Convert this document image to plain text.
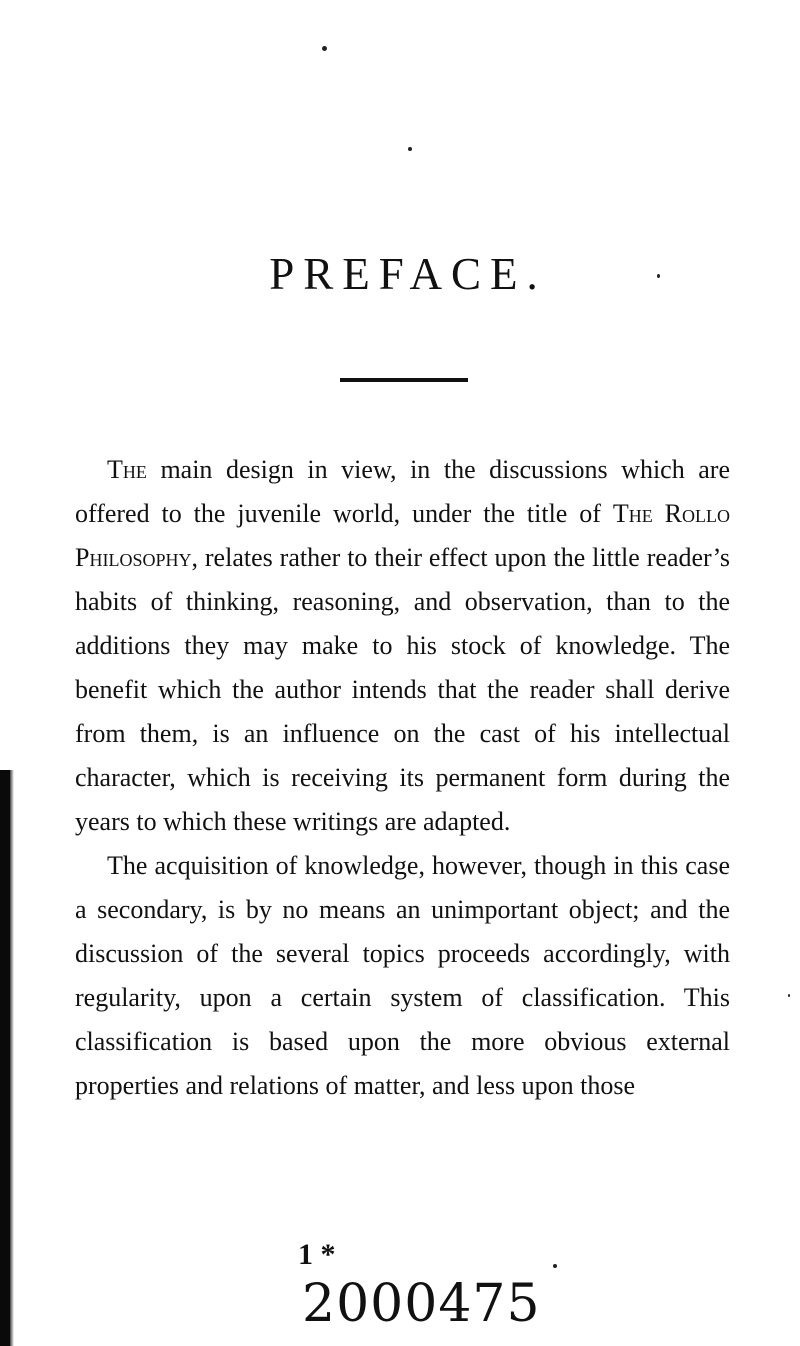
PREFACE.

The main design in view, in the discussions which are offered to the juvenile world, under the title of The Rollo Philosophy, relates rather to their effect upon the little reader’s habits of thinking, reasoning, and observation, than to the additions they may make to his stock of knowledge. The benefit which the author intends that the reader shall derive from them, is an influence on the cast of his intellectual character, which is receiving its permanent form during the years to which these writings are adapted.

The acquisition of knowledge, however, though in this case a secondary, is by no means an unimportant object; and the discussion of the several topics proceeds accordingly, with regularity, upon a certain system of classification. This classification is based upon the more obvious external properties and relations of matter, and less upon those

1 *
2000475
